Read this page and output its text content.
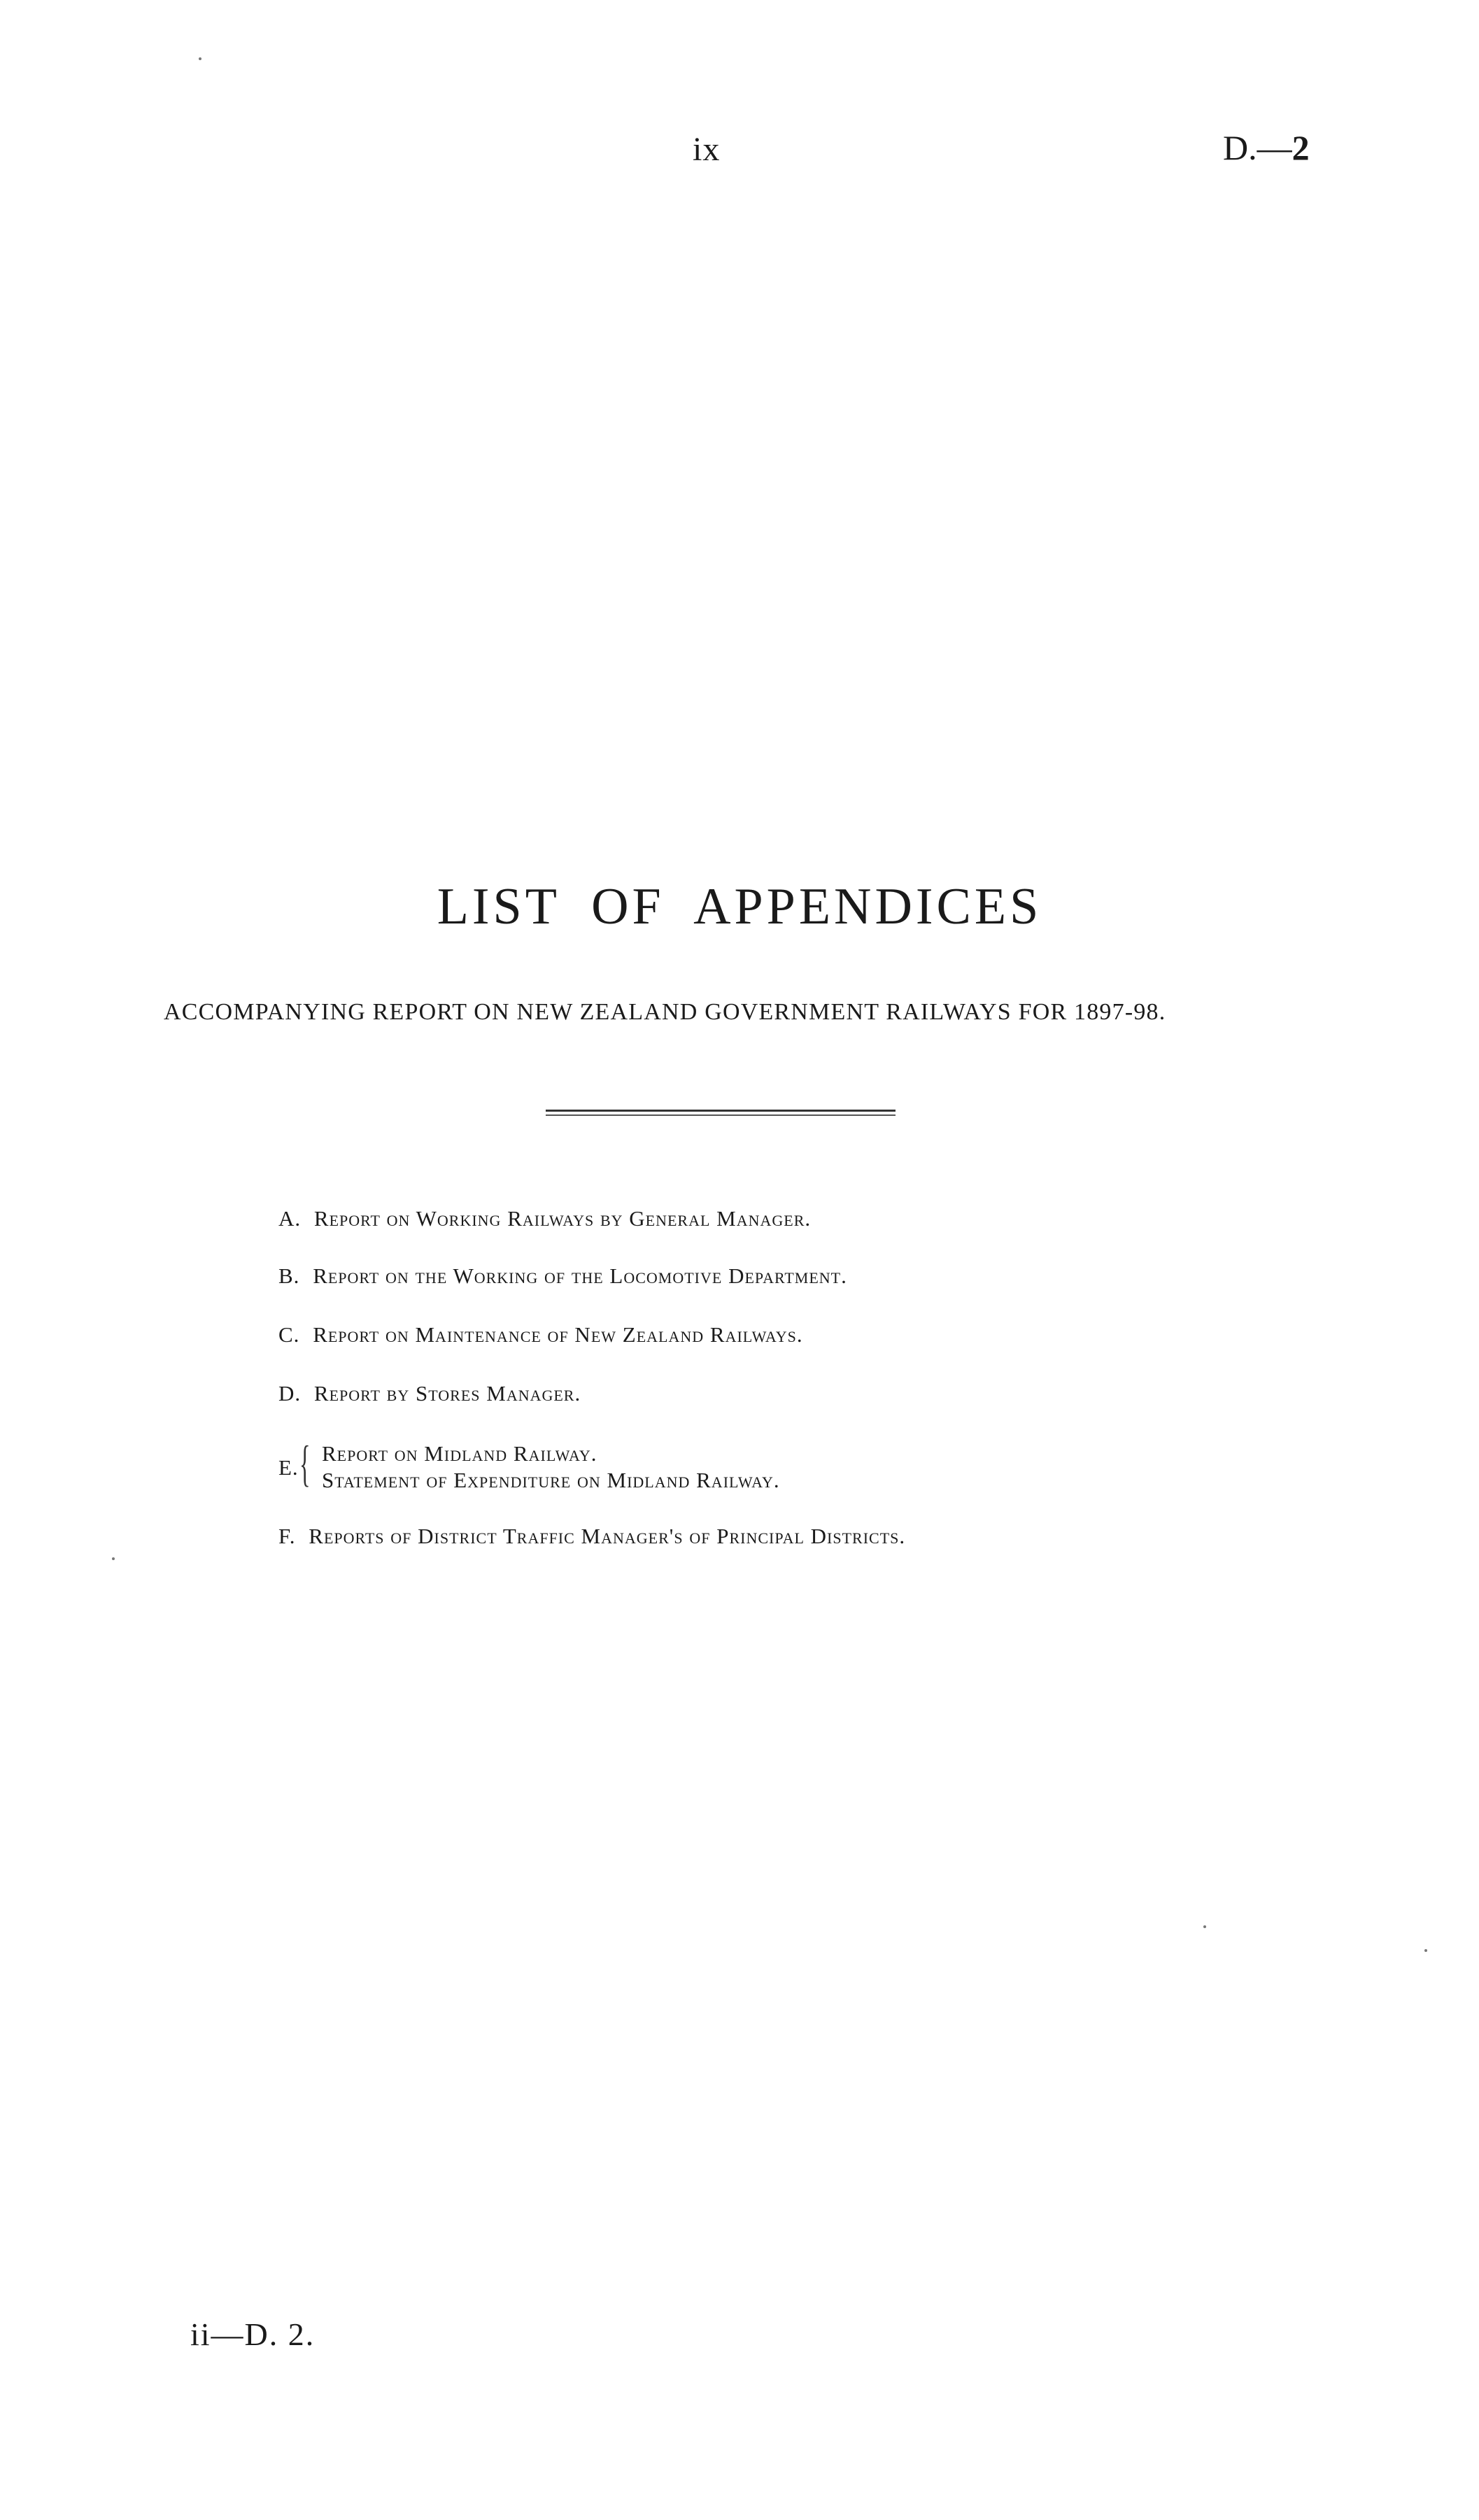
ix	D.—2
LIST OF APPENDICES
ACCOMPANYING REPORT ON NEW ZEALAND GOVERNMENT RAILWAYS FOR 1897-98.
A. Report on Working Railways by General Manager.
B. Report on the Working of the Locomotive Department.
C. Report on Maintenance of New Zealand Railways.
D. Report by Stores Manager.
E. { Report on Midland Railway.
Statement of Expenditure on Midland Railway.
F. Reports of District Traffic Manager's of Principal Districts.
ii—D. 2.
